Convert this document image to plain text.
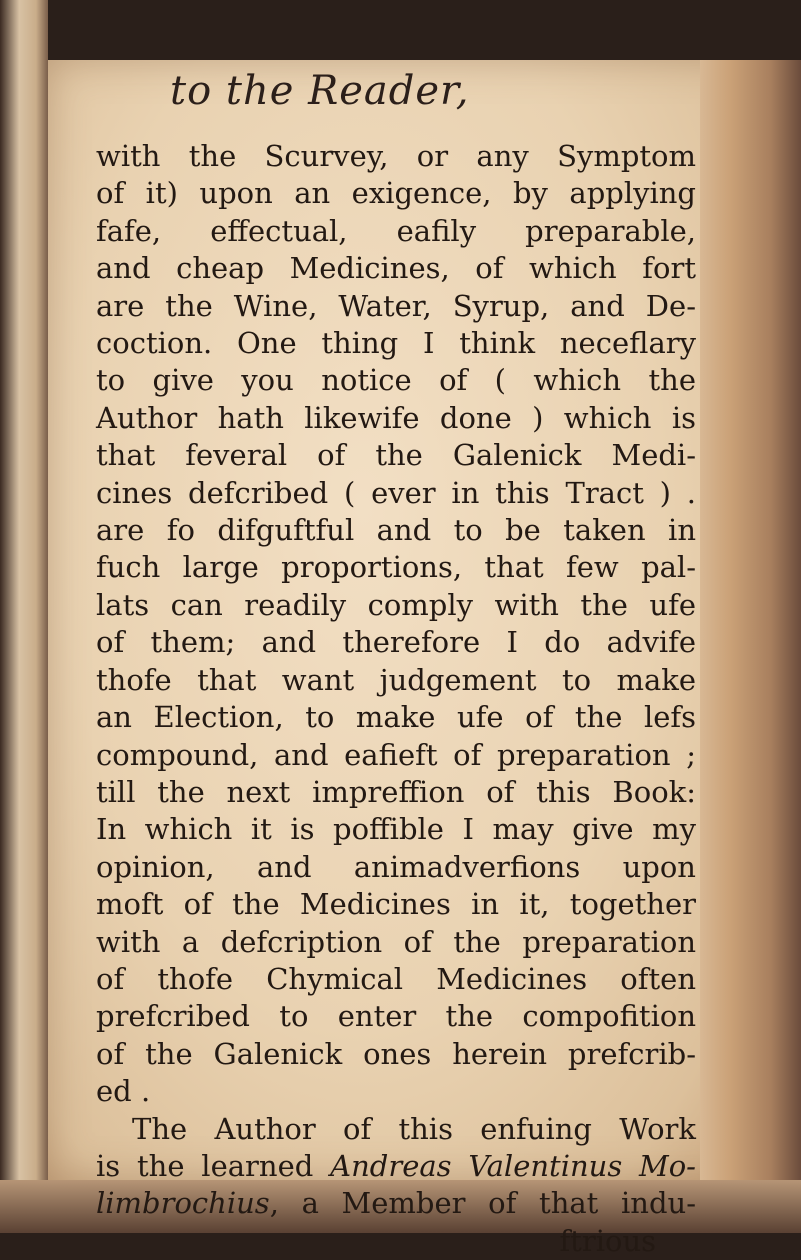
to the Reader,
with the Scurvey, or any Symptom
of it) upon an exigence, by applying
fafe, effectual, eafily preparable,
and cheap Medicines, of which fort
are the Wine, Water, Syrup, and De-
coction. One thing I think neceflary
to give you notice of ( which the
Author hath likewife done ) which is
that feveral of the Galenick Medi-
cines defcribed ( ever in this Tract ) .
are fo difguftful and to be taken in
fuch large proportions, that few pal-
lats can readily comply with the ufe
of them; and therefore I do advife
thofe that want judgement to make
an Election, to make ufe of the lefs
compound, and eafieft of preparation ;
till the next impreffion of this Book:
In which it is poffible I may give my
opinion, and animadverfions upon
moft of the Medicines in it, together
with a defcription of the preparation
of thofe Chymical Medicines often
prefcribed to enter the compofition
of the Galenick ones herein prefcrib-
ed .
The Author of this enfuing Work
is the learned Andreas Valentinus Mo-
limbrochius, a Member of that indu-
ftrious
